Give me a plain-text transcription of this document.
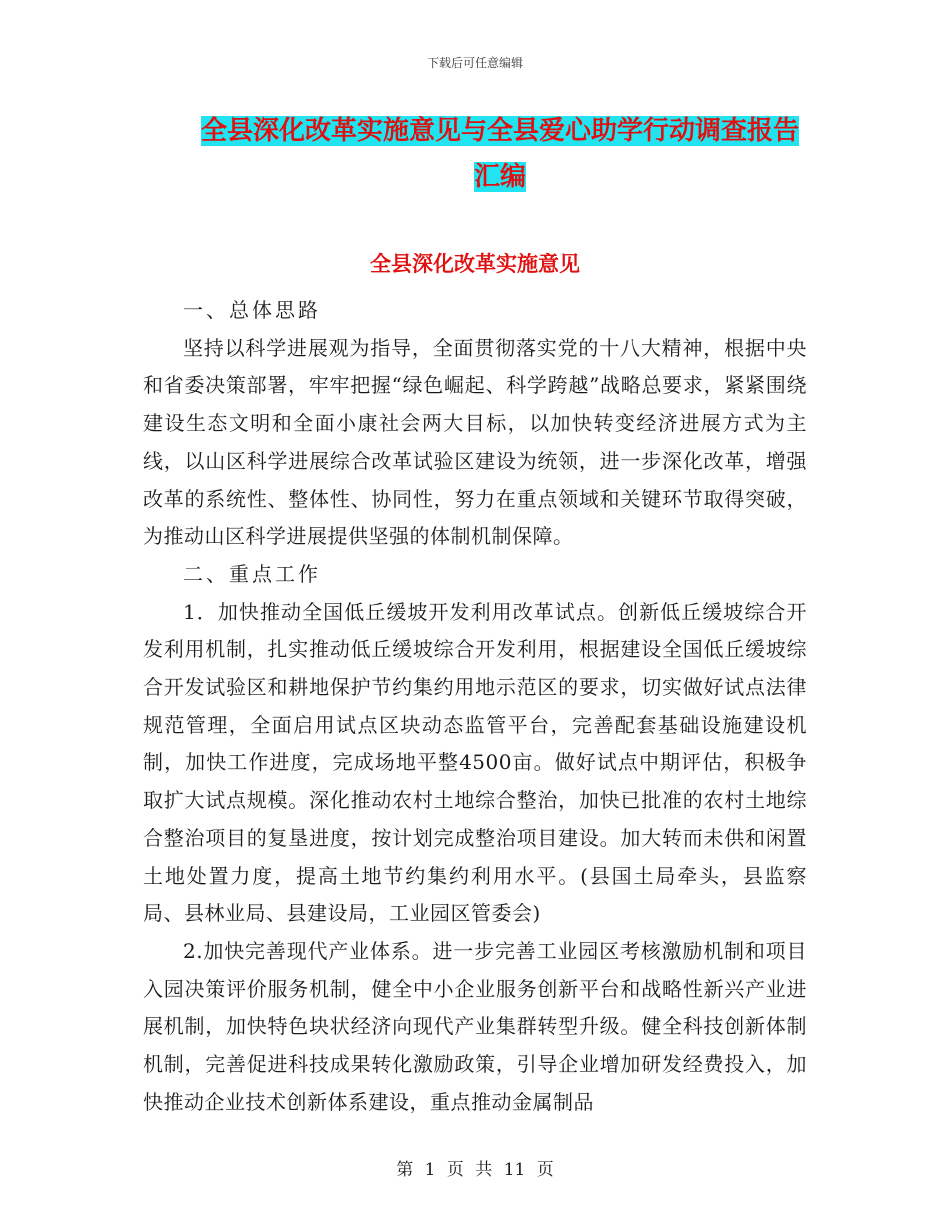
下载后可任意编辑
全县深化改革实施意见与全县爱心助学行动调查报告
汇编
全县深化改革实施意见

一、总体思路

坚持以科学进展观为指导，全面贯彻落实党的十八大精神，根据中央和省委决策部署，牢牢把握“绿色崛起、科学跨越”战略总要求，紧紧围绕建设生态文明和全面小康社会两大目标，以加快转变经济进展方式为主线，以山区科学进展综合改革试验区建设为统领，进一步深化改革，增强改革的系统性、整体性、协同性，努力在重点领域和关键环节取得突破，为推动山区科学进展提供坚强的体制机制保障。

二、重点工作

1．加快推动全国低丘缓坡开发利用改革试点。创新低丘缓坡综合开发利用机制，扎实推动低丘缓坡综合开发利用，根据建设全国低丘缓坡综合开发试验区和耕地保护节约集约用地示范区的要求，切实做好试点法律规范管理，全面启用试点区块动态监管平台，完善配套基础设施建设机制，加快工作进度，完成场地平整4500亩。做好试点中期评估，积极争取扩大试点规模。深化推动农村土地综合整治，加快已批准的农村土地综合整治项目的复垦进度，按计划完成整治项目建设。加大转而未供和闲置土地处置力度，提高土地节约集约利用水平。(县国土局牵头，县监察局、县林业局、县建设局，工业园区管委会)

2.加快完善现代产业体系。进一步完善工业园区考核激励机制和项目入园决策评价服务机制，健全中小企业服务创新平台和战略性新兴产业进展机制，加快特色块状经济向现代产业集群转型升级。健全科技创新体制机制，完善促进科技成果转化激励政策，引导企业增加研发经费投入，加快推动企业技术创新体系建设，重点推动金属制品

第 1 页 共 11 页
